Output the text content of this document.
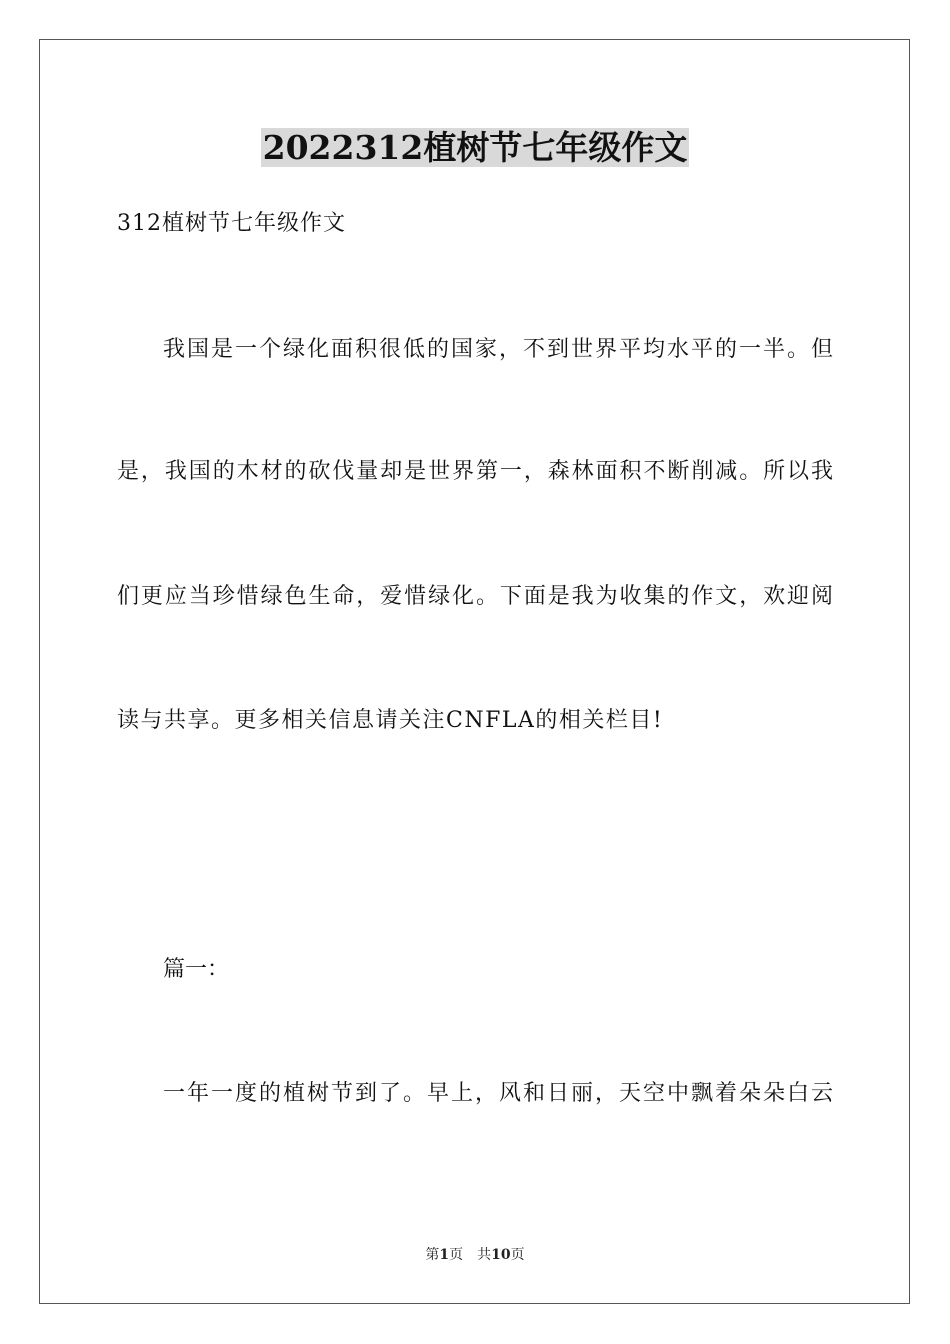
2022312植树节七年级作文
312植树节七年级作文
我国是一个绿化面积很低的国家，不到世界平均水平的一半。但
是，我国的木材的砍伐量却是世界第一，森林面积不断削减。所以我
们更应当珍惜绿色生命，爱惜绿化。下面是我为收集的作文，欢迎阅
读与共享。更多相关信息请关注CNFLA的相关栏目!
篇一：
一年一度的植树节到了。早上，风和日丽，天空中飘着朵朵白云
第1页 共10页
